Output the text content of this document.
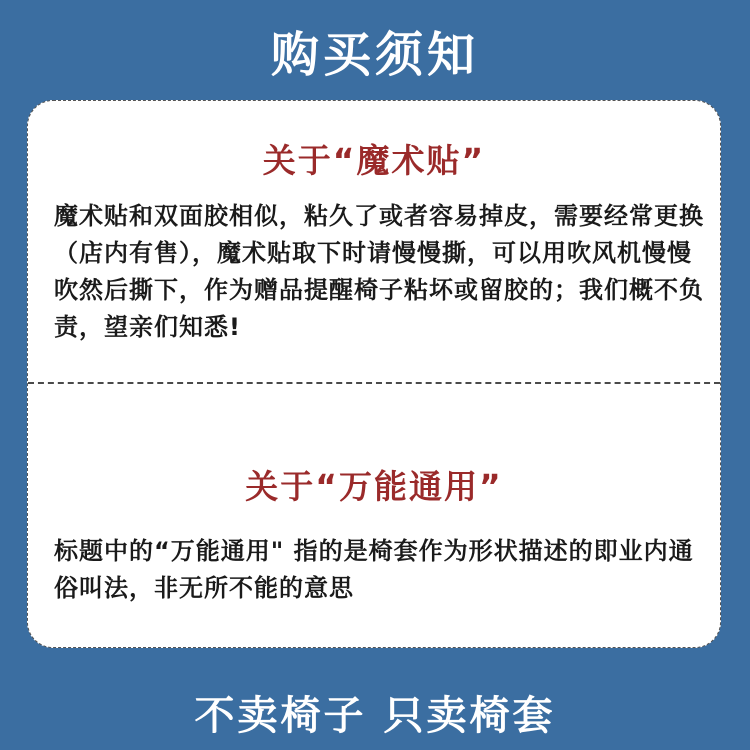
购买须知
关于“魔术贴”
魔术贴和双面胶相似，粘久了或者容易掉皮，需要经常更换（店内有售），魔术贴取下时请慢慢撕，可以用吹风机慢慢吹然后撕下，作为赠品提醒椅子粘坏或留胶的；我们概不负责，望亲们知悉!
关于“万能通用”
标题中的“万能通用" 指的是椅套作为形状描述的即业内通俗叫法，非无所不能的意思
不卖椅子 只卖椅套
